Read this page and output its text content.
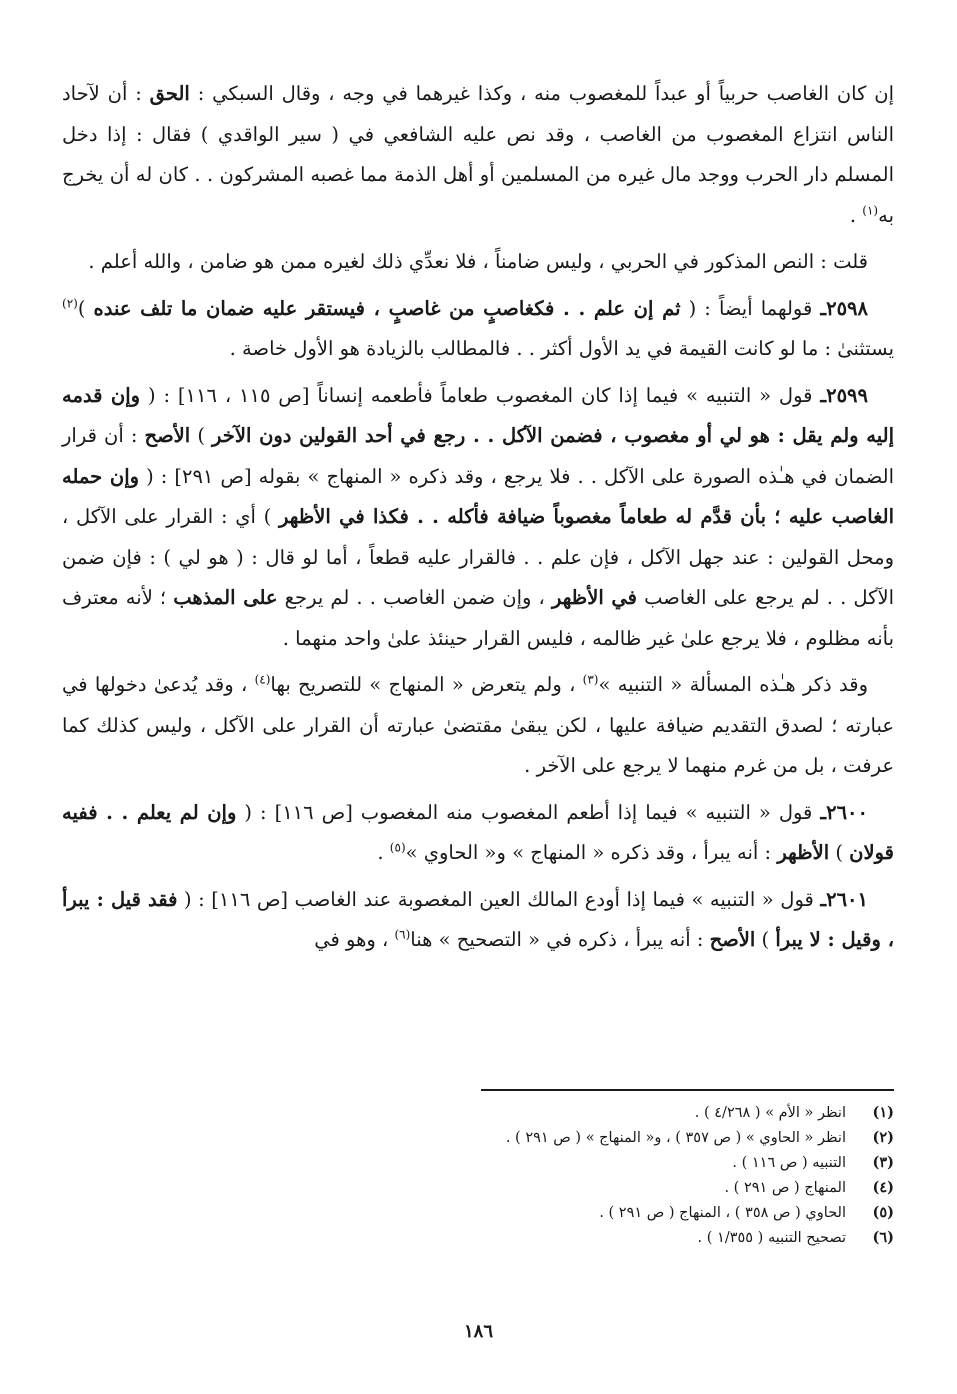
إن كان الغاصب حربياً أو عبداً للمغصوب منه ، وكذا غيرهما في وجه ، وقال السبكي : الحق : أن لآحاد الناس انتزاع المغصوب من الغاصب ، وقد نص عليه الشافعي في ( سير الواقدي ) فقال : إذا دخل المسلم دار الحرب ووجد مال غيره من المسلمين أو أهل الذمة مما غصبه المشركون . . كان له أن يخرج به$^{(١)}$ .

قلت : النص المذكور في الحربي ، وليس ضامناً ، فلا نعدِّي ذلك لغيره ممن هو ضامن ، والله أعلم .

٢٥٩٨ـ قولهما أيضاً : ( ثم إن علم . . فكغاصبٍ من غاصبٍ ، فيستقر عليه ضمان ما تلف عنده )$^{(٢)}$ يستثنىٰ : ما لو كانت القيمة في يد الأول أكثر . . فالمطالب بالزيادة هو الأول خاصة .

٢٥٩٩ـ قول « التنبيه » فيما إذا كان المغصوب طعاماً فأطعمه إنساناً [ص ١١٥ ، ١١٦] : ( وإن قدمه إليه ولم يقل : هو لي أو مغصوب ، فضمن الآكل . . رجع في أحد القولين دون الآخر ) الأصح : أن قرار الضمان في هـٰذه الصورة على الآكل . . فلا يرجع ، وقد ذكره « المنهاج » بقوله [ص ٢٩١] : ( وإن حمله الغاصب عليه ؛ بأن قدَّم له طعاماً مغصوباً ضيافة فأكله . . فكذا في الأظهر ) أي : القرار على الآكل ، ومحل القولين : عند جهل الآكل ، فإن علم . . فالقرار عليه قطعاً ، أما لو قال : ( هو لي ) : فإن ضمن الآكل . . لم يرجع على الغاصب في الأظهر ، وإن ضمن الغاصب . . لم يرجع على المذهب ؛ لأنه معترف بأنه مظلوم ، فلا يرجع علىٰ غير ظالمه ، فليس القرار حينئذ علىٰ واحد منهما .

وقد ذكر هـٰذه المسألة « التنبيه »$^{(٣)}$ ، ولم يتعرض « المنهاج » للتصريح بها$^{(٤)}$ ، وقد يُدعىٰ دخولها في عبارته ؛ لصدق التقديم ضيافة عليها ، لكن يبقىٰ مقتضىٰ عبارته أن القرار على الآكل ، وليس كذلك كما عرفت ، بل من غرم منهما لا يرجع على الآخر .

٢٦٠٠ـ قول « التنبيه » فيما إذا أطعم المغصوب منه المغصوب [ص ١١٦] : ( وإن لم يعلم . . ففيه قولان ) الأظهر : أنه يبرأ ، وقد ذكره « المنهاج » و« الحاوي »$^{(٥)}$ .

٢٦٠١ـ قول « التنبيه » فيما إذا أودع المالك العين المغصوبة عند الغاصب [ص ١١٦] : ( فقد قيل : يبرأ ، وقيل : لا يبرأ ) الأصح : أنه يبرأ ، ذكره في « التصحيح » هنا$^{(٦)}$ ، وهو في

(١)
انظر « الأم » ( ٤/٢٦٨ ) .
(٢)
انظر « الحاوي » ( ص ٣٥٧ ) ، و« المنهاج » ( ص ٢٩١ ) .
(٣)
التنبيه ( ص ١١٦ ) .
(٤)
المنهاج ( ص ٢٩١ ) .
(٥)
الحاوي ( ص ٣٥٨ ) ، المنهاج ( ص ٢٩١ ) .
(٦)
تصحيح التنبيه ( ١/٣٥٥ ) .
١٨٦
